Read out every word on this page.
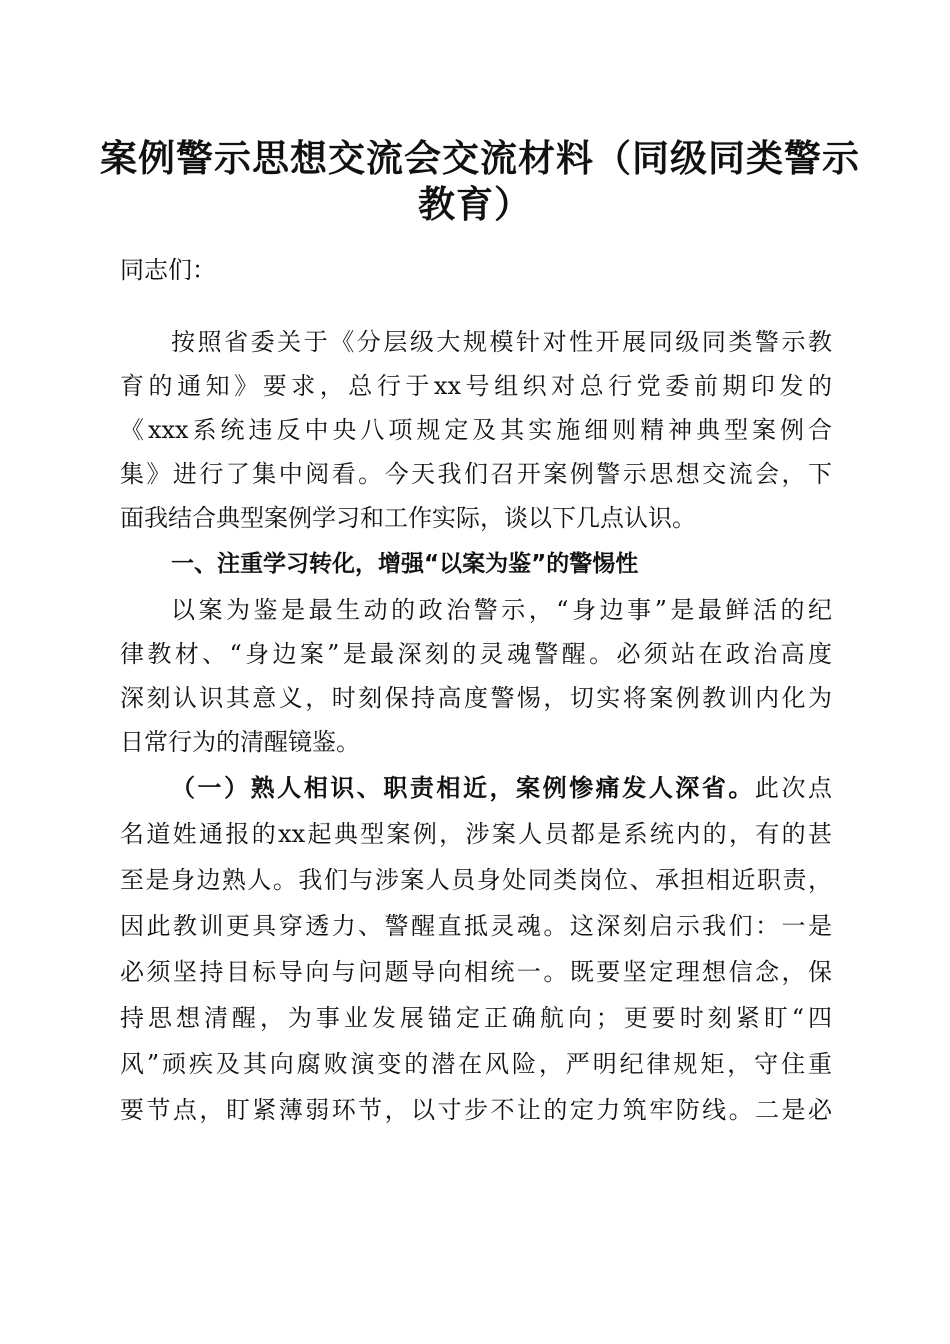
案例警示思想交流会交流材料（同级同类警示
教育）

同志们：

按照省委关于《分层级大规模针对性开展同级同类警示教

育的通知》要求，总行于xx号组织对总行党委前期印发的

《xxx系统违反中央八项规定及其实施细则精神典型案例合

集》进行了集中阅看。今天我们召开案例警示思想交流会，下

面我结合典型案例学习和工作实际，谈以下几点认识。

一、注重学习转化，增强“以案为鉴”的警惕性

以案为鉴是最生动的政治警示，“身边事”是最鲜活的纪

律教材、“身边案”是最深刻的灵魂警醒。必须站在政治高度

深刻认识其意义，时刻保持高度警惕，切实将案例教训内化为

日常行为的清醒镜鉴。

（一）熟人相识、职责相近，案例惨痛发人深省。此次点

名道姓通报的xx起典型案例，涉案人员都是系统内的，有的甚

至是身边熟人。我们与涉案人员身处同类岗位、承担相近职责，

因此教训更具穿透力、警醒直抵灵魂。这深刻启示我们：一是

必须坚持目标导向与问题导向相统一。既要坚定理想信念，保

持思想清醒，为事业发展锚定正确航向；更要时刻紧盯“四

风”顽疾及其向腐败演变的潜在风险，严明纪律规矩，守住重

要节点，盯紧薄弱环节，以寸步不让的定力筑牢防线。二是必
